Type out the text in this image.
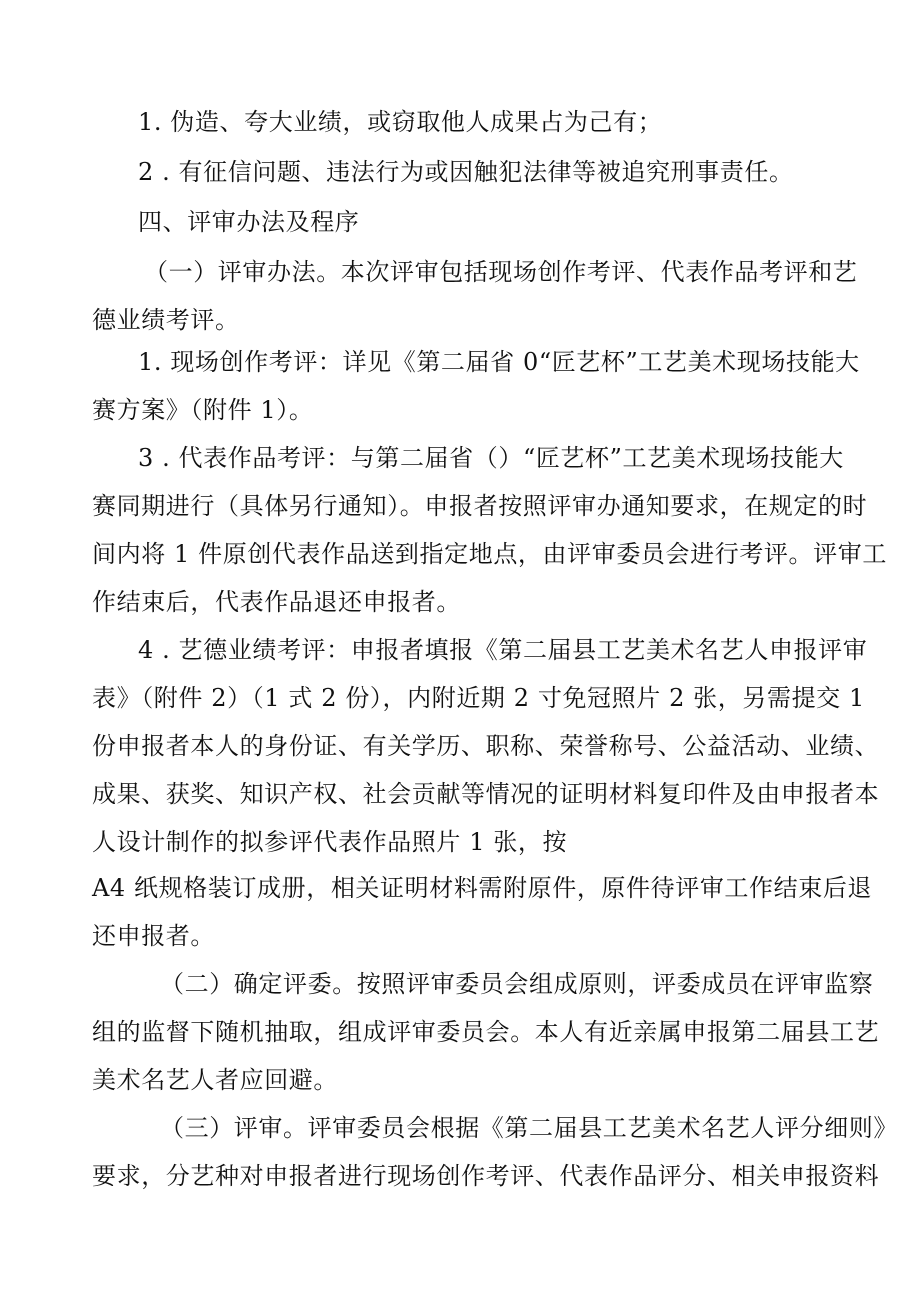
1. 伪造、夸大业绩，或窃取他人成果占为己有；
2 . 有征信问题、违法行为或因触犯法律等被追究刑事责任。
四、评审办法及程序
（一）评审办法。本次评审包括现场创作考评、代表作品考评和艺
德业绩考评。
1. 现场创作考评：详见《第二届省 0“匠艺杯”工艺美术现场技能大
赛方案》（附件 1）。
3 . 代表作品考评：与第二届省（）“匠艺杯”工艺美术现场技能大
赛同期进行（具体另行通知）。申报者按照评审办通知要求，在规定的时
间内将 1 件原创代表作品送到指定地点，由评审委员会进行考评。评审工
作结束后，代表作品退还申报者。
4 . 艺德业绩考评：申报者填报《第二届县工艺美术名艺人申报评审
表》（附件 2）（1 式 2 份），内附近期 2 寸免冠照片 2 张，另需提交 1
份申报者本人的身份证、有关学历、职称、荣誉称号、公益活动、业绩、
成果、获奖、知识产权、社会贡献等情况的证明材料复印件及由申报者本
人设计制作的拟参评代表作品照片 1 张，按
A4 纸规格装订成册，相关证明材料需附原件，原件待评审工作结束后退
还申报者。
（二）确定评委。按照评审委员会组成原则，评委成员在评审监察
组的监督下随机抽取，组成评审委员会。本人有近亲属申报第二届县工艺
美术名艺人者应回避。
（三）评审。评审委员会根据《第二届县工艺美术名艺人评分细则》
要求，分艺种对申报者进行现场创作考评、代表作品评分、相关申报资料
